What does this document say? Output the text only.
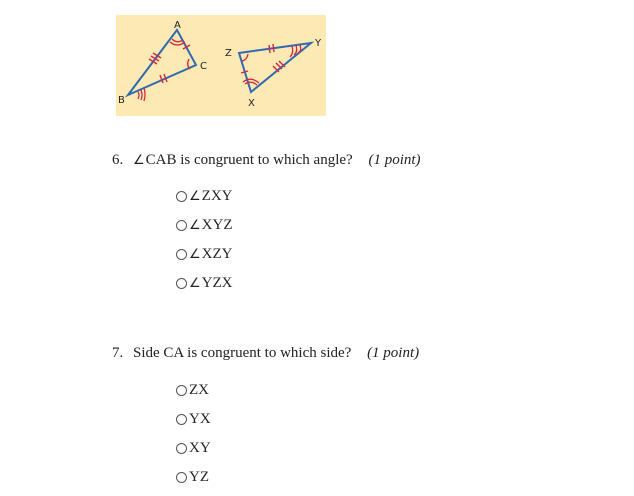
A
B
C
Z
Y
X
6. ∠CAB is congruent to which angle? (1 point)
∠ ZXY
∠ XYZ
∠ XZY
∠ YZX
7. Side CA is congruent to which side? (1 point)
ZX
YX
XY
YZ
